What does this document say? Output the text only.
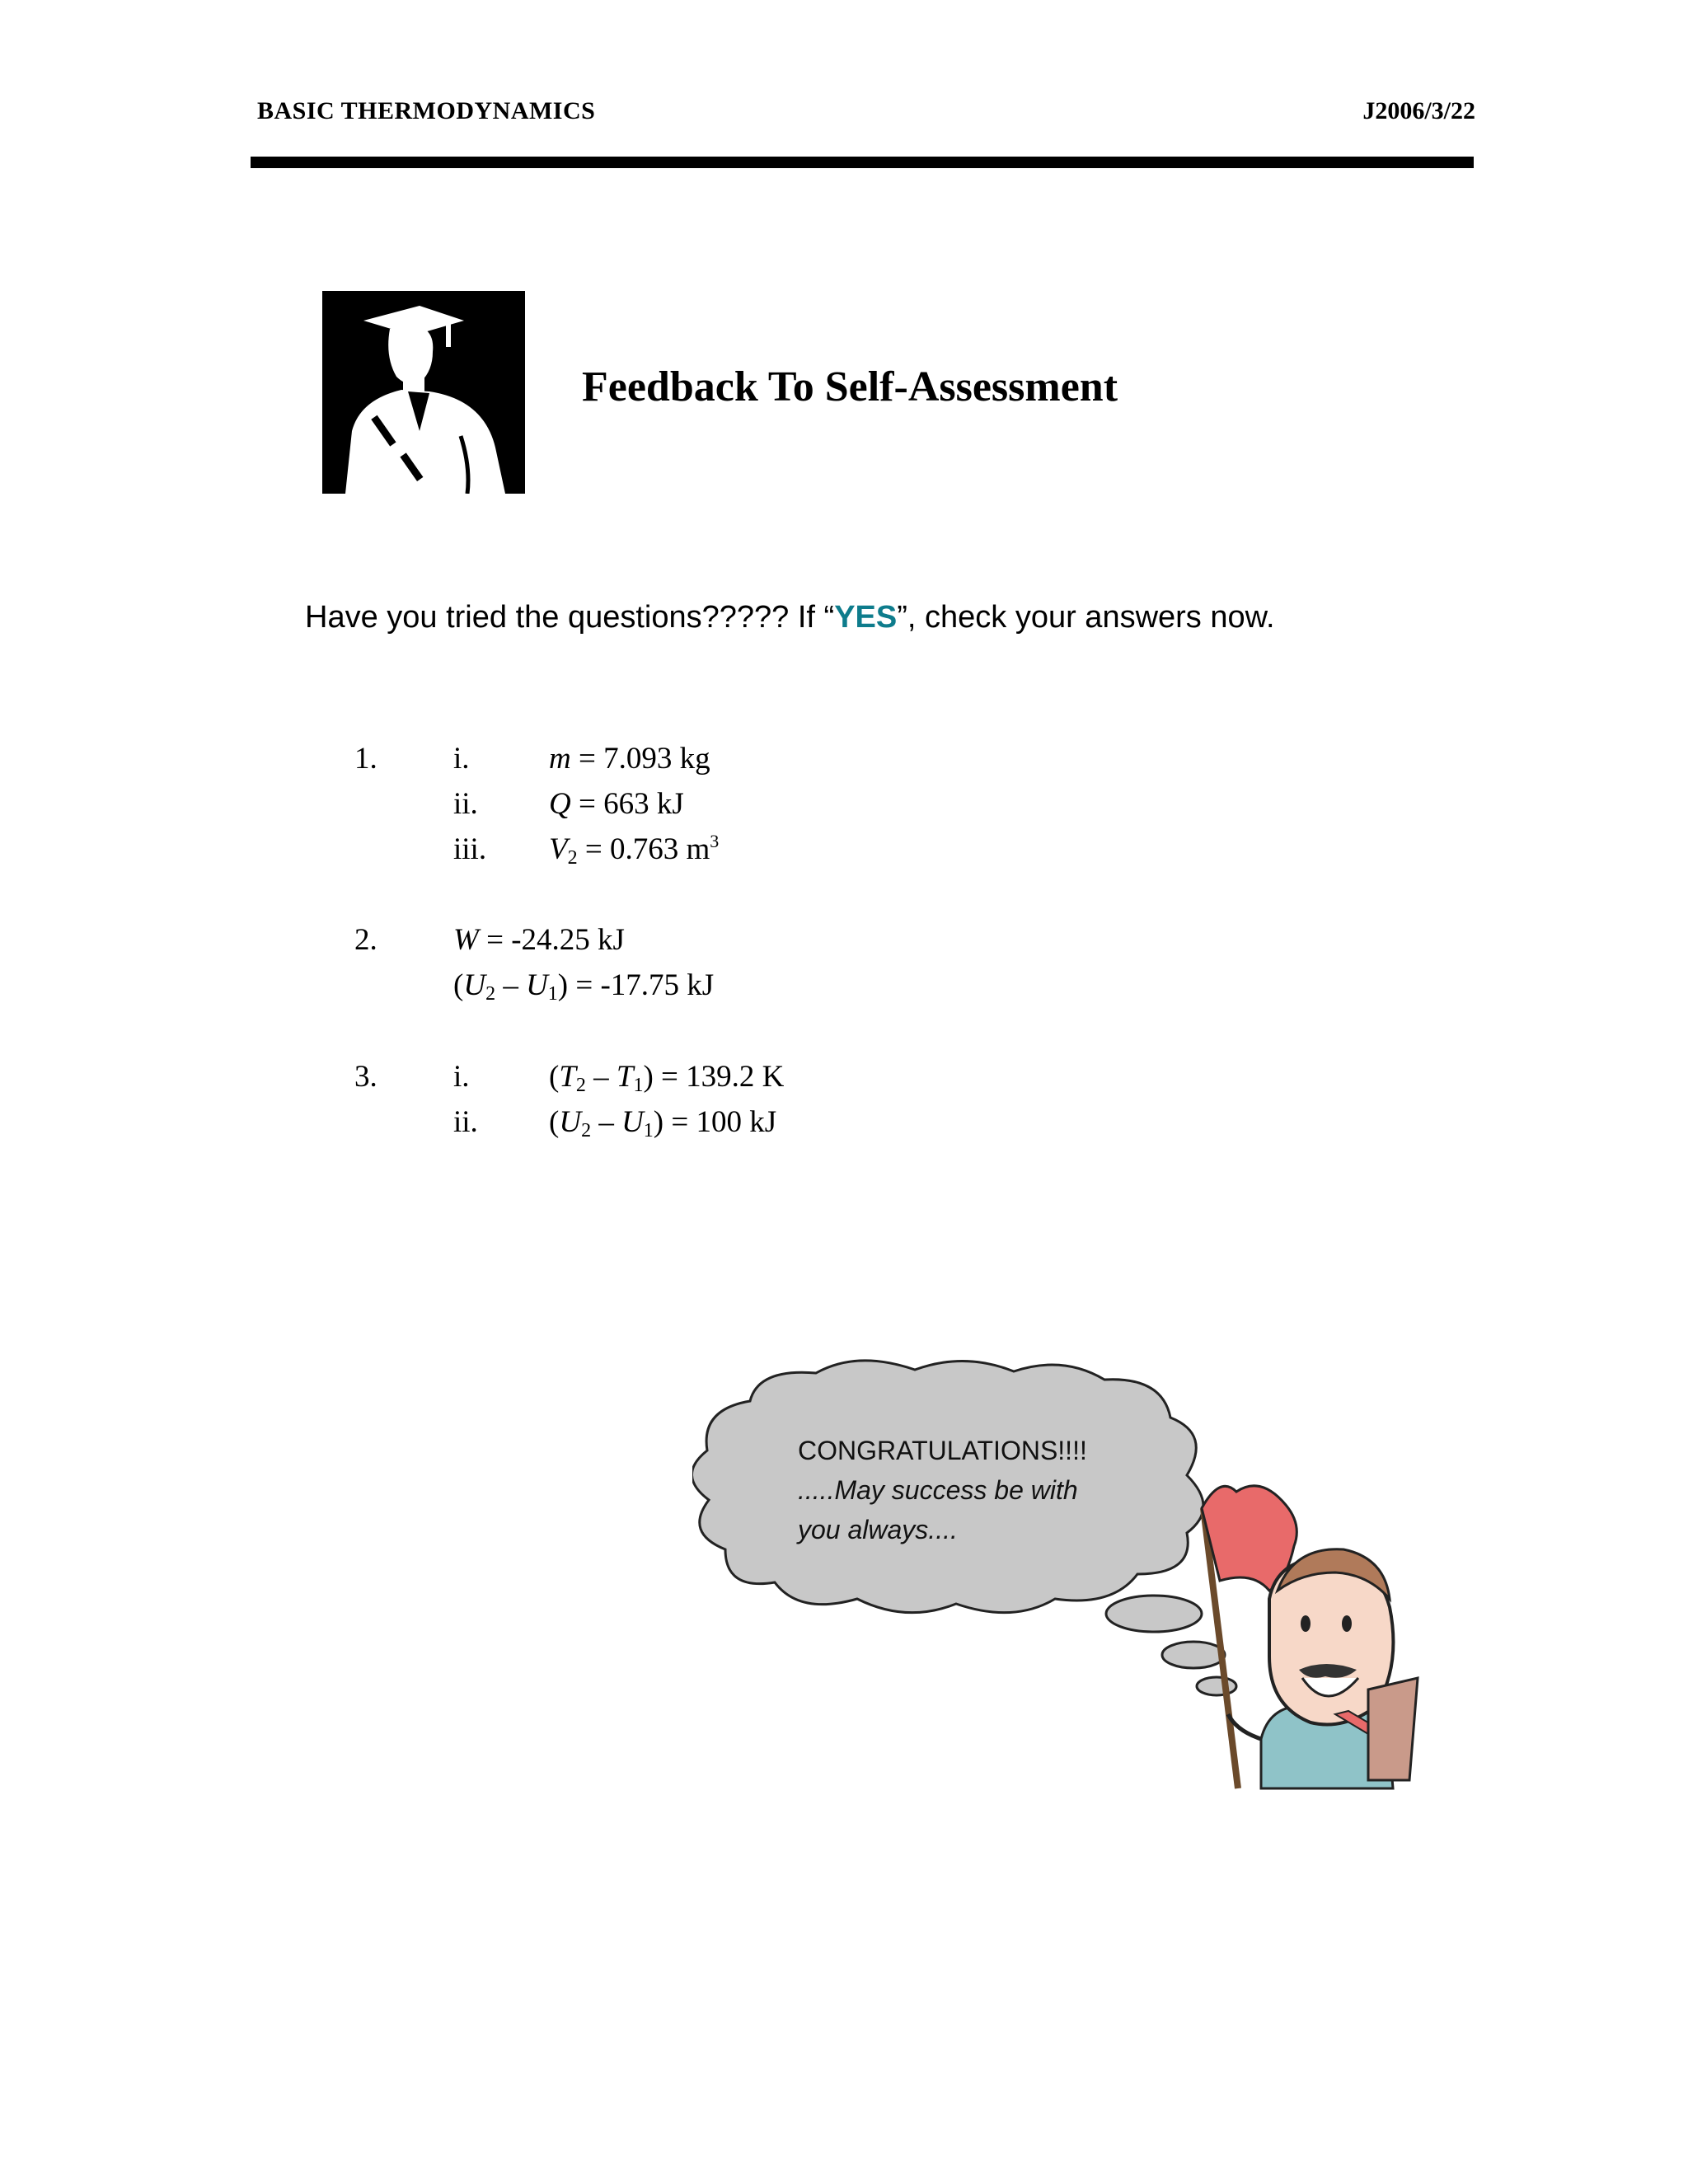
BASIC THERMODYNAMICS	J2006/3/22
Feedback To Self-Assessment
Have you tried the questions????? If “YES”, check your answers now.
1. i.	m = 7.093 kg
ii. Q = 663 kJ
iii. $V_2 = 0.763$ $m^3$
2. W = -24.25 kJ
$(U_2 - U_1) = -17.75$ kJ
3. i.	$(T_2 - T_1) = 139.2$ K
ii. $(U_2 - U_1) = 100$ kJ
CONGRATULATIONS!!!!
.....May success be with
you always....
